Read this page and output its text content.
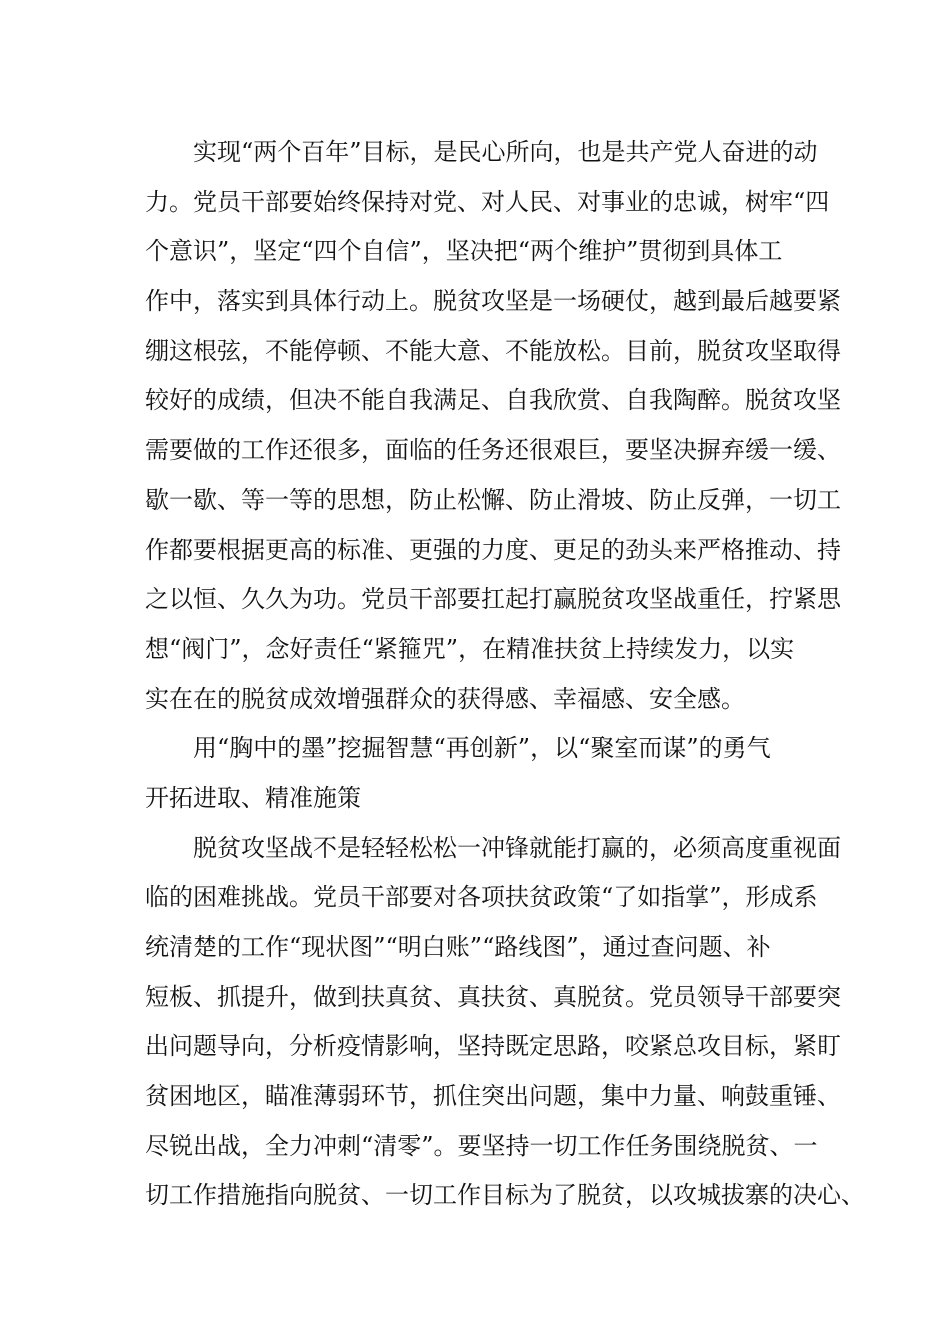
实现“两个百年”目标，是民心所向，也是共产党人奋进的动
力。党员干部要始终保持对党、对人民、对事业的忠诚，树牢“四
个意识”，坚定“四个自信”，坚决把“两个维护”贯彻到具体工
作中，落实到具体行动上。脱贫攻坚是一场硬仗，越到最后越要紧
绷这根弦，不能停顿、不能大意、不能放松。目前，脱贫攻坚取得
较好的成绩，但决不能自我满足、自我欣赏、自我陶醉。脱贫攻坚
需要做的工作还很多，面临的任务还很艰巨，要坚决摒弃缓一缓、
歇一歇、等一等的思想，防止松懈、防止滑坡、防止反弹，一切工
作都要根据更高的标准、更强的力度、更足的劲头来严格推动、持
之以恒、久久为功。党员干部要扛起打赢脱贫攻坚战重任，拧紧思
想“阀门”，念好责任“紧箍咒”，在精准扶贫上持续发力，以实
实在在的脱贫成效增强群众的获得感、幸福感、安全感。
用“胸中的墨”挖掘智慧“再创新”，以“聚室而谋”的勇气
开拓进取、精准施策
脱贫攻坚战不是轻轻松松一冲锋就能打赢的，必须高度重视面
临的困难挑战。党员干部要对各项扶贫政策“了如指掌”，形成系
统清楚的工作“现状图”“明白账”“路线图”，通过查问题、补
短板、抓提升，做到扶真贫、真扶贫、真脱贫。党员领导干部要突
出问题导向，分析疫情影响，坚持既定思路，咬紧总攻目标，紧盯
贫困地区，瞄准薄弱环节，抓住突出问题，集中力量、响鼓重锤、
尽锐出战，全力冲刺“清零”。要坚持一切工作任务围绕脱贫、一
切工作措施指向脱贫、一切工作目标为了脱贫，以攻城拔寨的决心、
